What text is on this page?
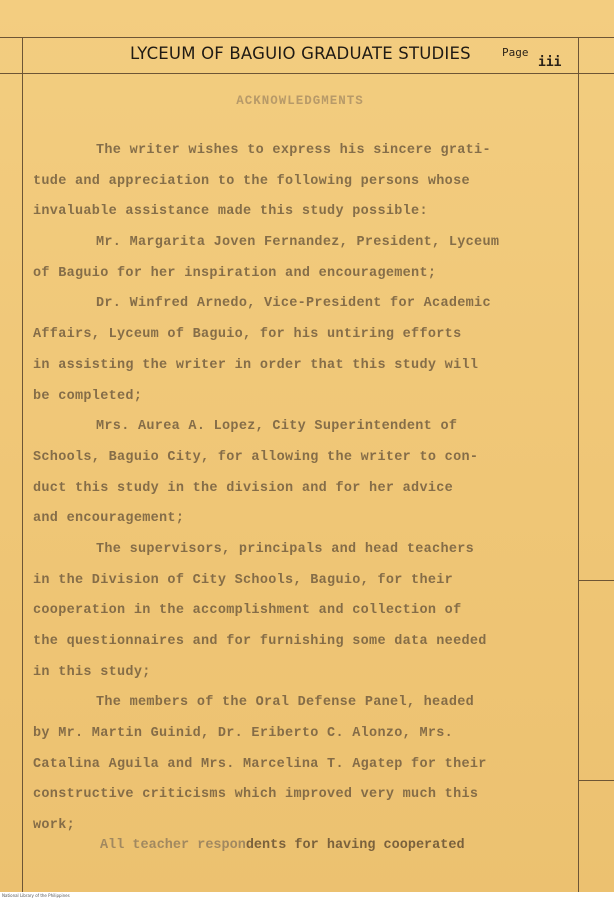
LYCEUM OF BAGUIO GRADUATE STUDIES	Page
iii
ACKNOWLEDGMENTS
The writer wishes to express his sincere grati-
tude and appreciation to the following persons whose
invaluable assistance made this study possible:
Mr. Margarita Joven Fernandez, President, Lyceum
of Baguio for her inspiration and encouragement;
Dr. Winfred Arnedo, Vice-President for Academic
Affairs, Lyceum of Baguio, for his untiring efforts
in assisting the writer in order that this study will
be completed;
Mrs. Aurea A. Lopez, City Superintendent of
Schools, Baguio City, for allowing the writer to con-
duct this study in the division and for her advice
and encouragement;
The supervisors, principals and head teachers
in the Division of City Schools, Baguio, for their
cooperation in the accomplishment and collection of
the questionnaires and for furnishing some data needed
in this study;
The members of the Oral Defense Panel, headed
by Mr. Martin Guinid, Dr. Eriberto C. Alonzo, Mrs.
Catalina Aguila and Mrs. Marcelina T. Agatep for their
constructive criticisms which improved very much this
work;
All teacher respondents for having cooperated
National Library of the Philippines
